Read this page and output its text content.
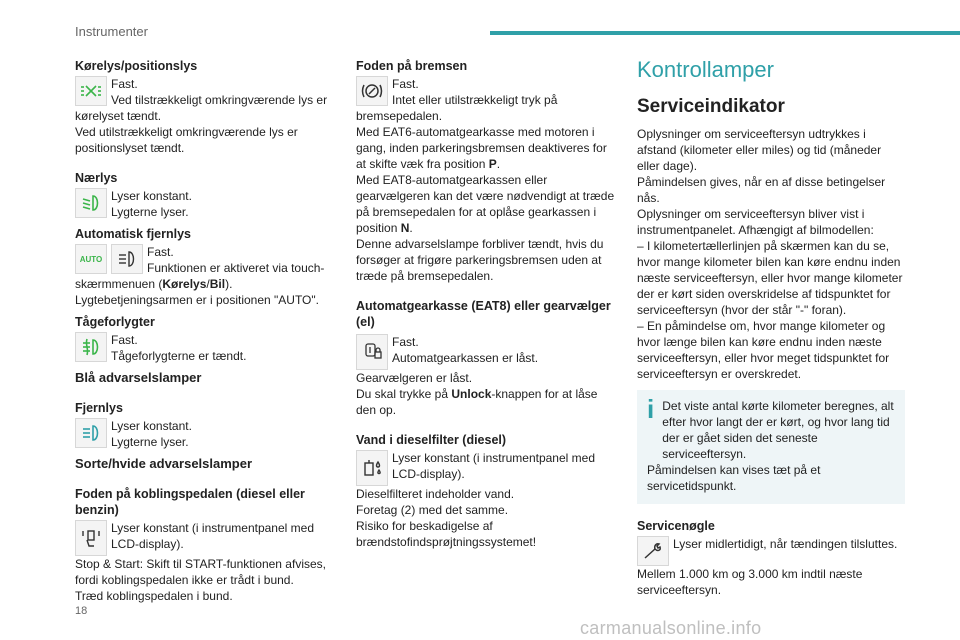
Instrumenter
Kørelys/positionslys
Fast.
Ved tilstrækkeligt omkringværende lys er
kørelyset tændt.
Ved utilstrækkeligt omkringværende lys er positionslyset tændt.
Nærlys
Lyser konstant.
Lygterne lyser.
Automatisk fjernlys
AUTO
Fast.
Funktionen er aktiveret via touch-
skærmmenuen (Kørelys/Bil).
Lygtebetjeningsarmen er i positionen "AUTO".
Tågeforlygter
Fast.
Tågeforlygterne er tændt.
Blå advarselslamper
Fjernlys
Lyser konstant.
Lygterne lyser.
Sorte/hvide advarselslamper
Foden på koblingspedalen (diesel eller benzin)
Lyser konstant (i instrumentpanel med LCD-display).
Stop & Start: Skift til START-funktionen afvises, fordi koblingspedalen ikke er trådt i bund.
Træd koblingspedalen i bund.
Foden på bremsen
Fast.
Intet eller utilstrækkeligt tryk på
bremsepedalen.
Med EAT6-automatgearkasse med motoren i gang, inden parkeringsbremsen deaktiveres for at skifte væk fra position P.
Med EAT8-automatgearkassen eller gearvælgeren kan det være nødvendigt at træde på bremsepedalen for at oplåse gearkassen i position N.
Denne advarselslampe forbliver tændt, hvis du forsøger at frigøre parkeringsbremsen uden at træde på bremsepedalen.
Automatgearkasse (EAT8) eller gearvælger (el)
Fast.
Automatgearkassen er låst.
Gearvælgeren er låst.
Du skal trykke på Unlock-knappen for at låse den op.
Vand i dieselfilter (diesel)
Lyser konstant (i instrumentpanel med LCD-display).
Dieselfilteret indeholder vand.
Foretag (2) med det samme.
Risiko for beskadigelse af brændstofindsprøjtningssystemet!
Kontrollamper
Serviceindikator

Oplysninger om serviceeftersyn udtrykkes i afstand (kilometer eller miles) og tid (måneder eller dage).

Påmindelsen gives, når en af disse betingelser nås.

Oplysninger om serviceeftersyn bliver vist i instrumentpanelet. Afhængigt af bilmodellen:

– I kilometertællerlinjen på skærmen kan du se, hvor mange kilometer bilen kan køre endnu inden næste serviceeftersyn, eller hvor mange kilometer der er kørt siden overskridelse af tidspunktet for serviceeftersyn (hvor der står "-" foran).

– En påmindelse om, hvor mange kilometer og hvor længe bilen kan køre endnu inden næste serviceeftersyn, eller hvor meget tidspunktet for serviceeftersyn er overskredet.

i Det viste antal kørte kilometer beregnes, alt efter hvor langt der er kørt, og hvor lang tid der er gået siden det seneste serviceeftersyn.
Påmindelsen kan vises tæt på et servicetidspunkt.
Servicenøgle
Lyser midlertidigt, når tændingen tilsluttes.
Mellem 1.000 km og 3.000 km indtil næste serviceeftersyn.
18
carmanualsonline.info
